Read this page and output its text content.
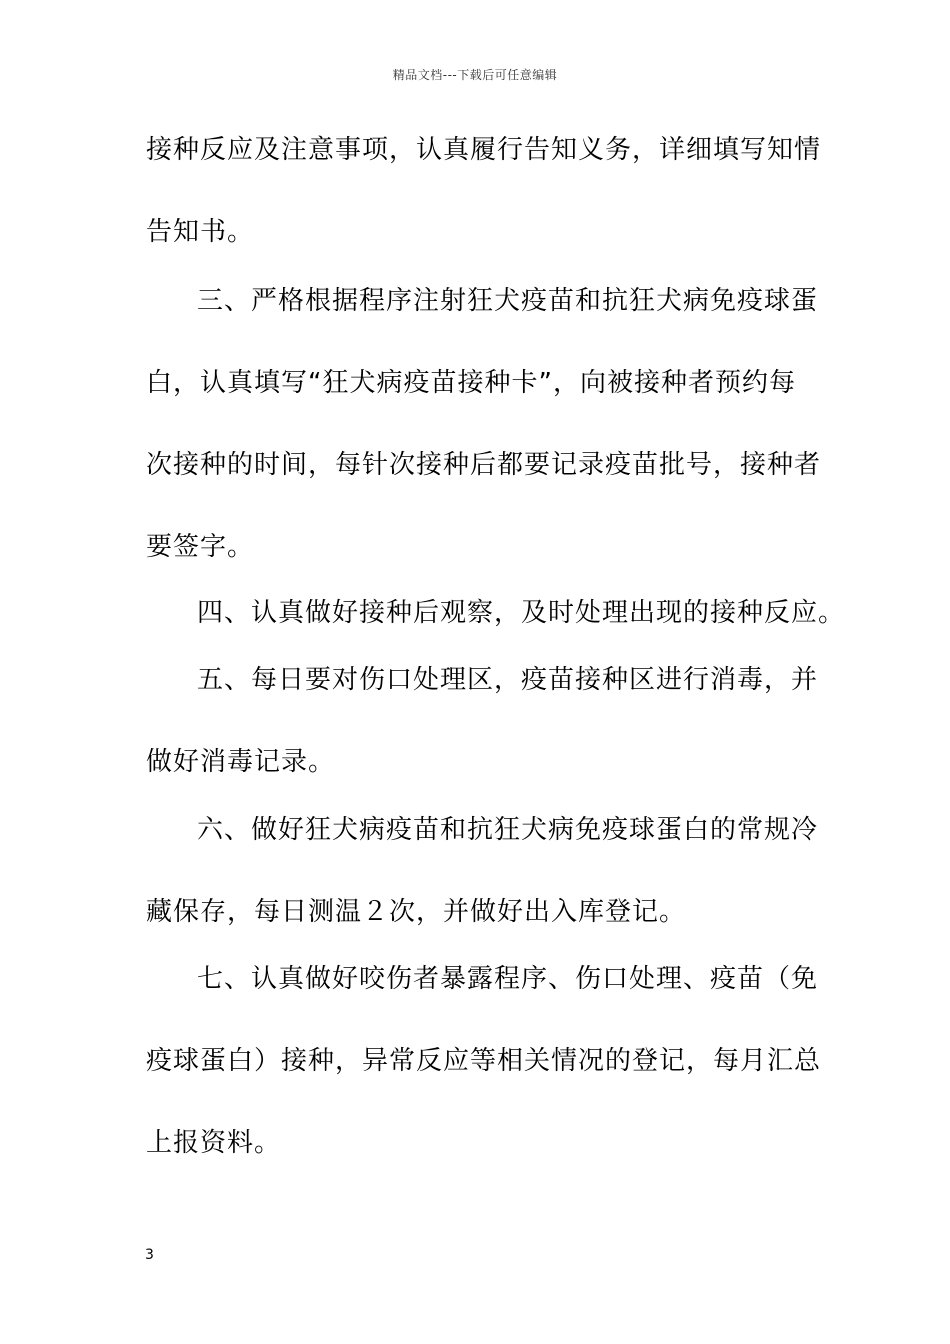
精品文档---下载后可任意编辑
接种反应及注意事项，认真履行告知义务，详细填写知情
告知书。
三、严格根据程序注射狂犬疫苗和抗狂犬病免疫球蛋
白，认真填写“狂犬病疫苗接种卡”，向被接种者预约每
次接种的时间，每针次接种后都要记录疫苗批号，接种者
要签字。
四、认真做好接种后观察，及时处理出现的接种反应。
五、每日要对伤口处理区，疫苗接种区进行消毒，并
做好消毒记录。
六、做好狂犬病疫苗和抗狂犬病免疫球蛋白的常规冷
藏保存，每日测温２次，并做好出入库登记。
七、认真做好咬伤者暴露程序、伤口处理、疫苗（免
疫球蛋白）接种，异常反应等相关情况的登记，每月汇总
上报资料。
3
